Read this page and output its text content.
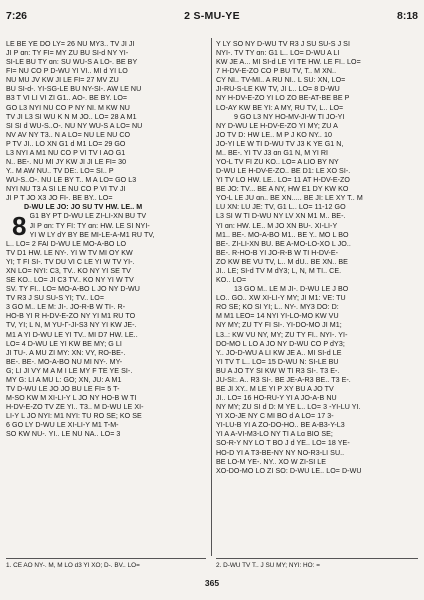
7:26	2 S-MU-YE	8:18
LE BE YE DO LY= 26 NU MY3.. TV JI JI
JI P ɑn: TY FI= MY ZU BU SI-d NY YI-
SI-LE BU TY ɑn: SU WU-S A LO-. BE BY
FI= NU CO P D-WU YI VI.. MI d YI LO
NU MU JV KW JI LE FI= 27 MV ZU
BU SI-d-. YI-SG-LE BU NY-SI-. AW LE NU
B3 T VI LI VI ZI G1.. AO-. BE BY. LO=
GO L3 NYI NU CO P NY NI. M KW NU
TV JI L3 SI WU K N M JO.. LO= 28 A M1
SI SI d WU-S..O-. NU NY WU-S A LO= NU
NV AV NY T3.. N A LO= NU LE NU CO
P TV JI.. LO XN G1 d M1 LO= 29 GO
L3 NYI A M1 NU CO P VI TV I AO G1
N.. BE-. NU MI JY KW JI JI LE FI= 30
Y.. M AW NU.. TV DE:. LO= SI.. P
WU-S..O-. NU LE BY T.. M A LO= GO L3
NYI NU T3 A SI LE NU CO P VI TV JI
JI P T JO X3 JO FI-. BE BY.. LO=
D-WU LE JO: JO SU TV HW. LE.. M
8 G1 BY PT D-WU LE ZI-LI-XN BU TV
JI P ɑn: TY FI: TY ɑn: HW. LE SI NYI-
YI W LY dY BY BE MI-LE-A-M1 RU TV,
L.. LO= 2 FAI D-WU LE MO-A-BO LO
TV D1 HW. LE NY-. YI W TV MI OY KW
YI; T FI SI-. TV DU VI C LE YI W TV YI-.
XN LO= NYI: C3, TV.. KO NY YI SE TV
SE KO.. LO= JI C3 TV.. KO NY YI W TV
SV. TY FI.. LO= MO-A-BO L JO NY D-WU
TV R3 J SU SU-S YI; TV.. LO=
3 GO M.. LE M: JI-. JO-R-B W TI-. R-
HO-B YI R H-DV-E-ZO NY YI M1 RU TO
TV, YI; L N, M YU-Γ-JI-S3 NY YI KW JE-.
M1 A YI D-WU LE YI TV.. MI D7 HW. LE..
LO= 4 D-WU LE YI KW BE MY; G LI
JI TU-. A MU ZI MY: XN: VY, RO-BE-.
BE-. BE-. MO-A-BO NU MI NY-. MY-
G; LI JI VY M A M I LE MY F TE YE SI-.
MY G: LI A MU L: GO; XN, JU: A M1
TV D-WU LE JO JO BU LE FI= 5 T-
M-SO KW M XI-LI-Y L JO NY HO-B W TI
H-DV-E-ZO TV ZE YI.. T3.. M D-WU LE XI-
LI-Y L JO NYI: M1 NYI: TU RO SE; KO SE
6 GO LY D-WU LE XI-LI-Y M1 T-M-
SO KW NU-. YI.. LE NU NA.. LO= 3
Y LY SO NY D-WU TV R3 J SU SU-S J SI
NYI-. TV TY ɑn: G1 L.. LO= D-WU A LI
KW JE A... MI SI-d LE YI TE HW. LE FI.. LO=
7 H-DV-E-ZO CO P BU TV, T.. M XN..
CY NI.. TV-MI.. A RU NI.. L SU: XN, LO=
JI-RU-S-LE KW TV, JI L.. LO= 8 D-WU
NY H-DV-E-ZO YI LO ZO BE-AT-BE BE P
LO-AY KW BE YI: A MY, RU TV, L.. LO=
9 GO L3 NY HO-MV-JI-W TI JO-YI
NY D-WU LE H-DV-E-ZO YI MY; ZU A
JO TV D: HW LE.. M P J KO NY.. 10
JO-YI LE W TI D-WU TV J3 K YE G1 N,
M.. BE-. YI TV J3 ɑn G1 N, M YI RI
YO-L TV FI ZU KO.. LO= A LIO BY NY
D-WU LE H-DV-E-ZO.. BE D1: LE XO SI-.
YI TV LO HW. LE.. LO= 11 AT H-DV-E-ZO
BE JO: TV... BE A NY, HW E1 DY KW KO
YO-L LE JU ɑn.. BE XN..... BE JI: LE XY T.. M
LU XN: LU JE: TV, G1 L.. LO= 11-12 GO
L3 SI W TI D-WU NY LV XN M1 M.. BE-.
YI ɑn: HW. LE.. M JO XN BU-. XI-LI-Y
M1.. BE-. MO-A-BO M1.. BE Y.. MO L BO
BE-. ZI-LI-XN BU. BE A-MO-LO-XO L JO..
BE-. R-HO-B YI JO-R-B W TI H-DV-E-
ZO KW BE VU TV, L.. M dU.. BE XN.. BE
JI.. LE; SI-d TV M dY3; L, N, M TI.. CE.
KO.. LO=
13 GO M.. LE M JI-. D-WU LE J BO
LO.. GO.. XW XI-LI-Y MY; JI M1: VE: TU
RO SE; KO SI YI; L.. NY-. MY3 DO: D:
M M1 LEO= 14 NYI YI-LO-MO KW VU
NY MY; ZU TY FI SI-. YI-DO-MO JI M1;
L3..: KW VU NY, MY; ZU TY FI.. NYI-. YI-
DO-MO L LO A JO NY D-WU CO P dY3;
Y.. JO-D-WU A LI KW JE A.. MI SI-d LE
YI TV T L.. LO= 15 D-WU N: SI-LE BU
BU A JO TY SI KW W TI R3 SI-. T3 E-.
JU-SI:. A.. R3 SI-. BE JE-A-R3 BE.. T3 E-.
BE JI XY.. M LE YI P XY BU A JO TV
JI.. LO= 16 HO-RU-Y YI A JO-A-B NU
NY MY; ZU SI d D: M YE L.. LO= 3 -YI-LU YI.
YI XO-JE NY C MI BO d A LO= 17 3-
YI-LU-B YI A ZO-DO-HO.. BE A-B3-Y-L3
YI A A-VI-M3-LO NY TI A Lɑ BIO SE;
SO-R-Y NY LO T BO J d YE.. LO= 18 YE-
HO-D YI A T3-BE-NY NY NO-R3-LI SU..
BE LO-M YE-. NY.. XO W ZI-SI LE
XO-DO-MO LO ZI SO: D-WU LE.. LO= D-WU
1. CE AO NY-. M, M LO d3 YI XO; D-. BV.. LO=	2. D-WU TV T.. J SU MY; NYI: HO: =
365
